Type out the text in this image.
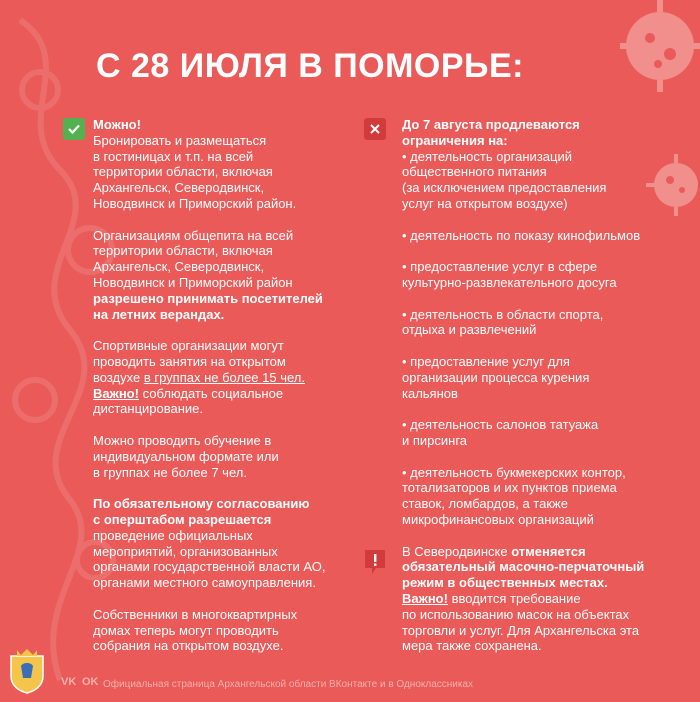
С 28 ИЮЛЯ В ПОМОРЬЕ:

Можно!

Бронировать и размещаться

в гостиницах и т.п. на всей

территории области, включая

Архангельск, Северодвинск,

Новодвинск и Приморский район.

Организациям общепита на всей

территории области, включая

Архангельск, Северодвинск,

Новодвинск и Приморский район

разрешено принимать посетителей

на летних верандах.

Спортивные организации могут

проводить занятия на открытом

воздухе в группах не более 15 чел.

Важно! соблюдать социальное

дистанцирование.

Можно проводить обучение в

индивидуальном формате или

в группах не более 7 чел.

По обязательному согласованию

с оперштабом разрешается

проведение официальных

мероприятий, организованных

органами государственной власти АО,

органами местного самоуправления.

Собственники в многоквартирных

домах теперь могут проводить

собрания на открытом воздухе.

До 7 августа продлеваются

ограничения на:

• деятельность организаций

общественного питания

(за исключением предоставления

услуг на открытом воздухе)

• деятельность по показу кинофильмов

• предоставление услуг в сфере

культурно-развлекательного досуга

• деятельность в области спорта,

отдыха и развлечений

• предоставление услуг для

организации процесса курения

кальянов

• деятельность салонов татуажа

и пирсинга

• деятельность букмекерских контор,

тотализаторов и их пунктов приема

ставок, ломбардов, а также

микрофинансовых организаций

В Северодвинске отменяется

обязательный масочно-перчаточный

режим в общественных местах.

Важно! вводится требование

по использованию масок на объектах

торговли и услуг. Для Архангельска эта

мера также сохранена.

VK OK Официальная страница Архангельской области ВКонтакте и в Одноклассниках
